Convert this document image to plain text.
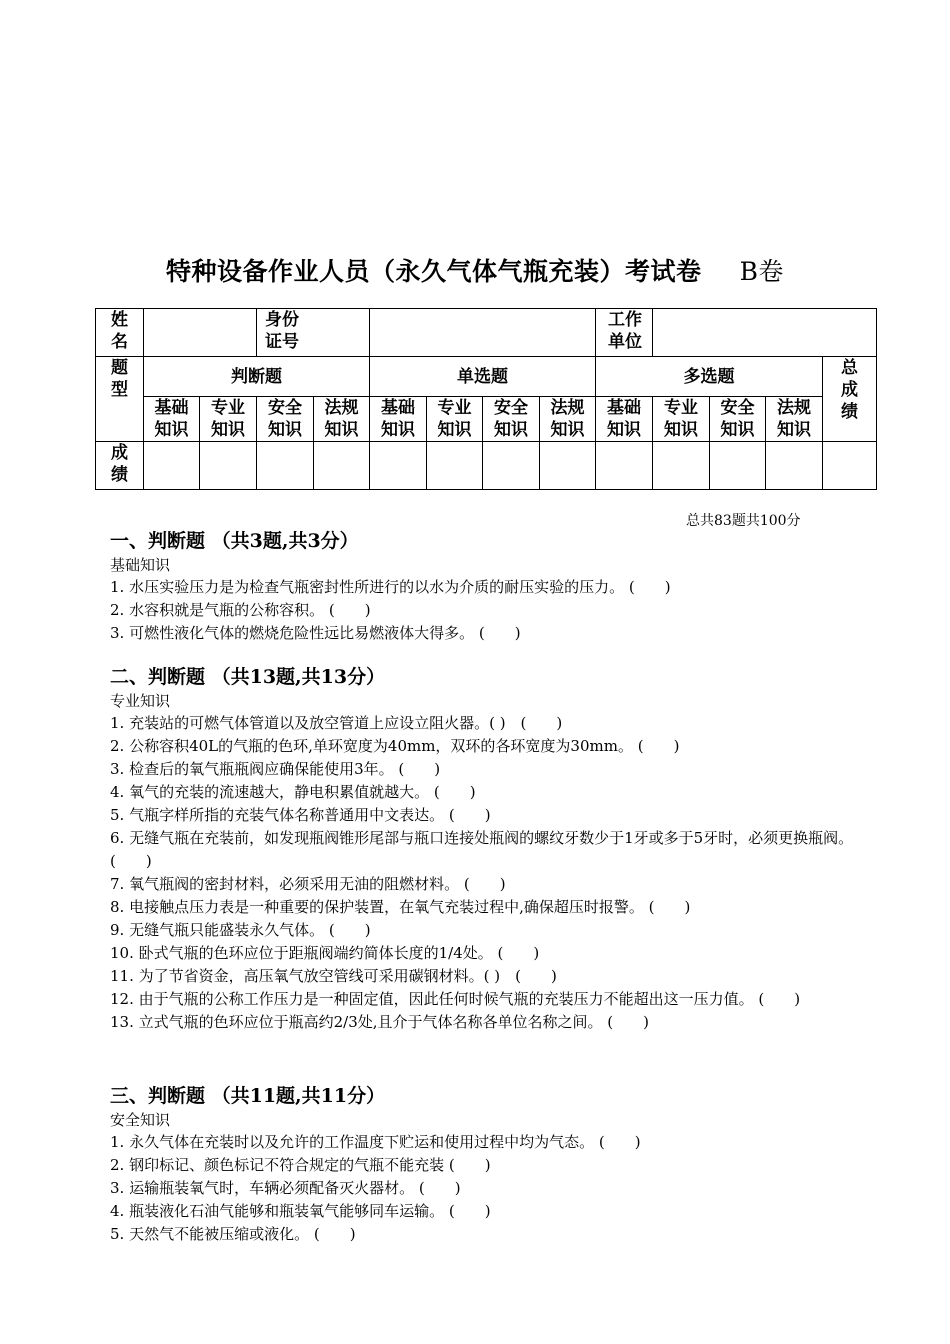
特种设备作业人员（永久气体气瓶充装）考试卷 B卷
姓名			身份证号						工作单位				
题型	判断题				单选题				多选题				总成绩
	基础知识	专业知识	安全知识	法规知识	基础知识	专业知识	安全知识	法规知识	基础知识	专业知识	安全知识	法规知识	
成绩													
总共83题共100分
一、判断题 （共3题,共3分）
基础知识
1. 水压实验压力是为检查气瓶密封性所进行的以水为介质的耐压实验的压力。 (　　)
2. 水容积就是气瓶的公称容积。 (　　)
3. 可燃性液化气体的燃烧危险性远比易燃液体大得多。 (　　)
二、判断题 （共13题,共13分）
专业知识
1. 充装站的可燃气体管道以及放空管道上应设立阻火器。( )　(　　)
2. 公称容积40L的气瓶的色环,单环宽度为40mm，双环的各环宽度为30mm。 (　　)
3. 检查后的氧气瓶瓶阀应确保能使用3年。 (　　)
4. 氧气的充装的流速越大，静电积累值就越大。 (　　)
5. 气瓶字样所指的充装气体名称普通用中文表达。 (　　)
6. 无缝气瓶在充装前，如发现瓶阀锥形尾部与瓶口连接处瓶阀的螺纹牙数少于1牙或多于5牙时，必须更换瓶阀。 (　　)
7. 氧气瓶阀的密封材料，必须采用无油的阻燃材料。 (　　)
8. 电接触点压力表是一种重要的保护装置，在氧气充装过程中,确保超压时报警。 (　　)
9. 无缝气瓶只能盛装永久气体。 (　　)
10. 卧式气瓶的色环应位于距瓶阀端约简体长度的1/4处。 (　　)
11. 为了节省资金，高压氧气放空管线可采用碳钢材料。( )　(　　)
12. 由于气瓶的公称工作压力是一种固定值，因此任何时候气瓶的充装压力不能超出这一压力值。 (　　)
13. 立式气瓶的色环应位于瓶高约2/3处,且介于气体名称各单位名称之间。 (　　)
三、判断题 （共11题,共11分）
安全知识
1. 永久气体在充装时以及允许的工作温度下贮运和使用过程中均为气态。 (　　)
2. 钢印标记、颜色标记不符合规定的气瓶不能充装 (　　)
3. 运输瓶装氧气时，车辆必须配备灭火器材。 (　　)
4. 瓶装液化石油气能够和瓶装氧气能够同车运输。 (　　)
5. 天然气不能被压缩或液化。 (　　)
